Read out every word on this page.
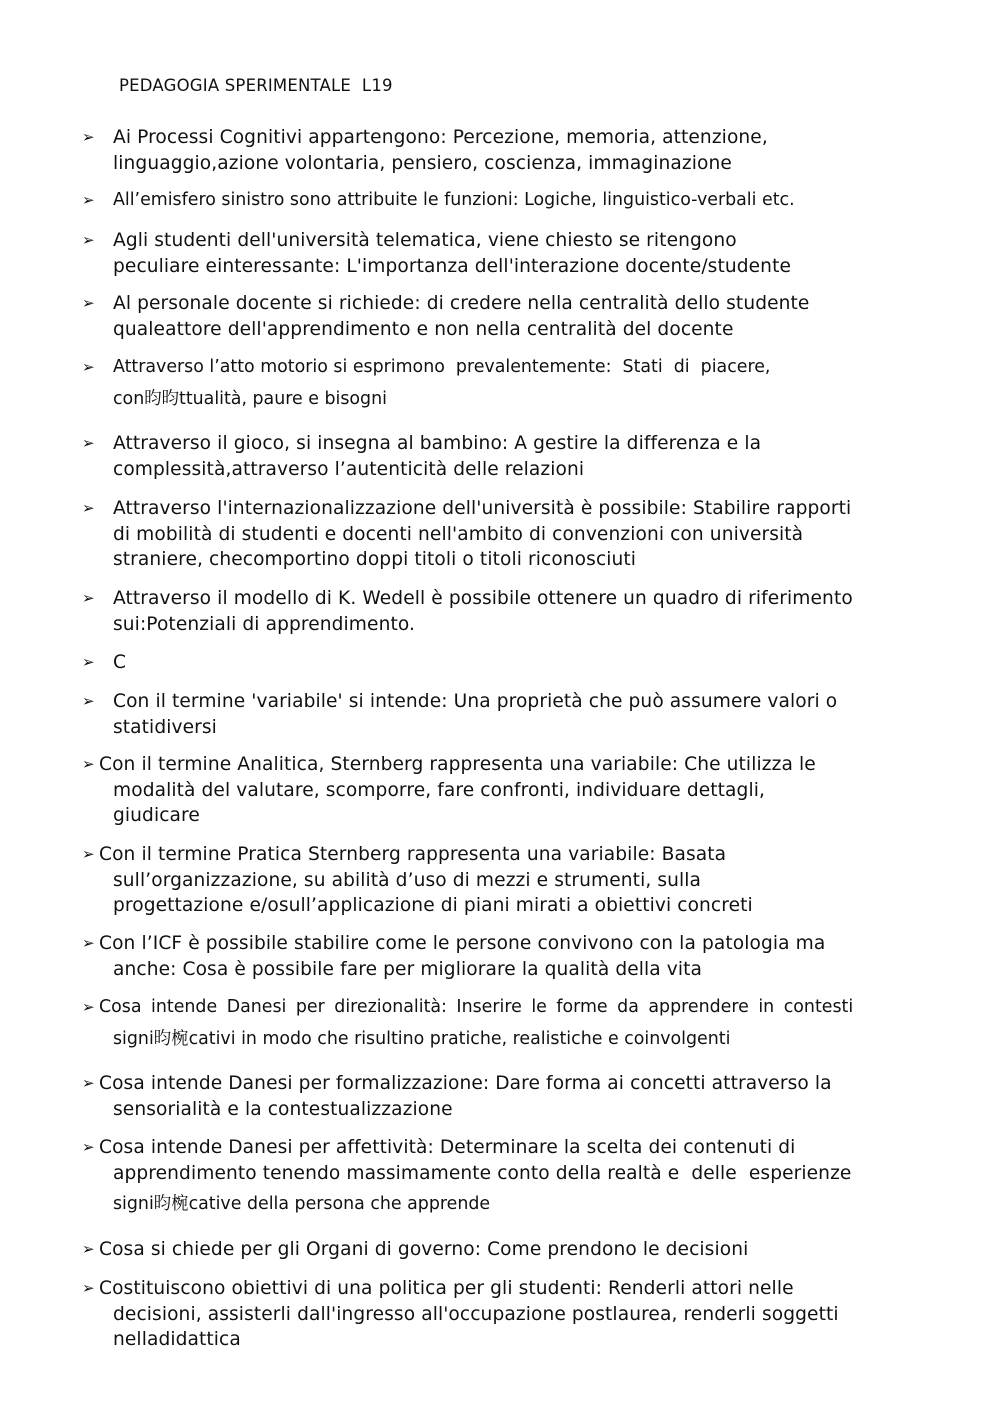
PEDAGOGIA SPERIMENTALE  L19
➢ Ai Processi Cognitivi appartengono: Percezione, memoria, attenzione,
linguaggio,azione volontaria, pensiero, coscienza, immaginazione
➢ All’emisfero sinistro sono attribuite le funzioni: Logiche, linguistico-verbali etc.
➢ Agli studenti dell'università telematica, viene chiesto se ritengono
peculiare einteressante: L'importanza dell'interazione docente/studente
➢ Al personale docente si richiede: di credere nella centralità dello studente
qualeattore dell'apprendimento e non nella centralità del docente
➢ Attraverso l’atto motorio si esprimono  prevalentemente:  Stati  di  piacere,
con昀昀ttualità, paure e bisogni
➢ Attraverso il gioco, si insegna al bambino: A gestire la differenza e la
complessità,attraverso l’autenticità delle relazioni
➢ Attraverso l'internazionalizzazione dell'università è possibile: Stabilire rapporti
di mobilità di studenti e docenti nell'ambito di convenzioni con università
straniere, checomportino doppi titoli o titoli riconosciuti
➢ Attraverso il modello di K. Wedell è possibile ottenere un quadro di riferimento
sui:Potenziali di apprendimento.
➢ C
➢ Con il termine 'variabile' si intende: Una proprietà che può assumere valori o
statidiversi
➢ Con il termine Analitica, Sternberg rappresenta una variabile: Che utilizza le
modalità del valutare, scomporre, fare confronti, individuare dettagli,
giudicare
➢ Con il termine Pratica Sternberg rappresenta una variabile: Basata
sull’organizzazione, su abilità d’uso di mezzi e strumenti, sulla
progettazione e/osull’applicazione di piani mirati a obiettivi concreti
➢ Con l’ICF è possibile stabilire come le persone convivono con la patologia ma
anche: Cosa è possibile fare per migliorare la qualità della vita
➢ Cosa intende Danesi per direzionalità: Inserire le forme da apprendere in contesti
signi昀椀cativi in modo che risultino pratiche, realistiche e coinvolgenti
➢ Cosa intende Danesi per formalizzazione: Dare forma ai concetti attraverso la
sensorialità e la contestualizzazione
➢ Cosa intende Danesi per affettività: Determinare la scelta dei contenuti di
apprendimento tenendo massimamente conto della realtà e  delle  esperienze
signi昀椀cative della persona che apprende
➢ Cosa si chiede per gli Organi di governo: Come prendono le decisioni
➢ Costituiscono obiettivi di una politica per gli studenti: Renderli attori nelle
decisioni, assisterli dall'ingresso all'occupazione postlaurea, renderli soggetti
nelladidattica
